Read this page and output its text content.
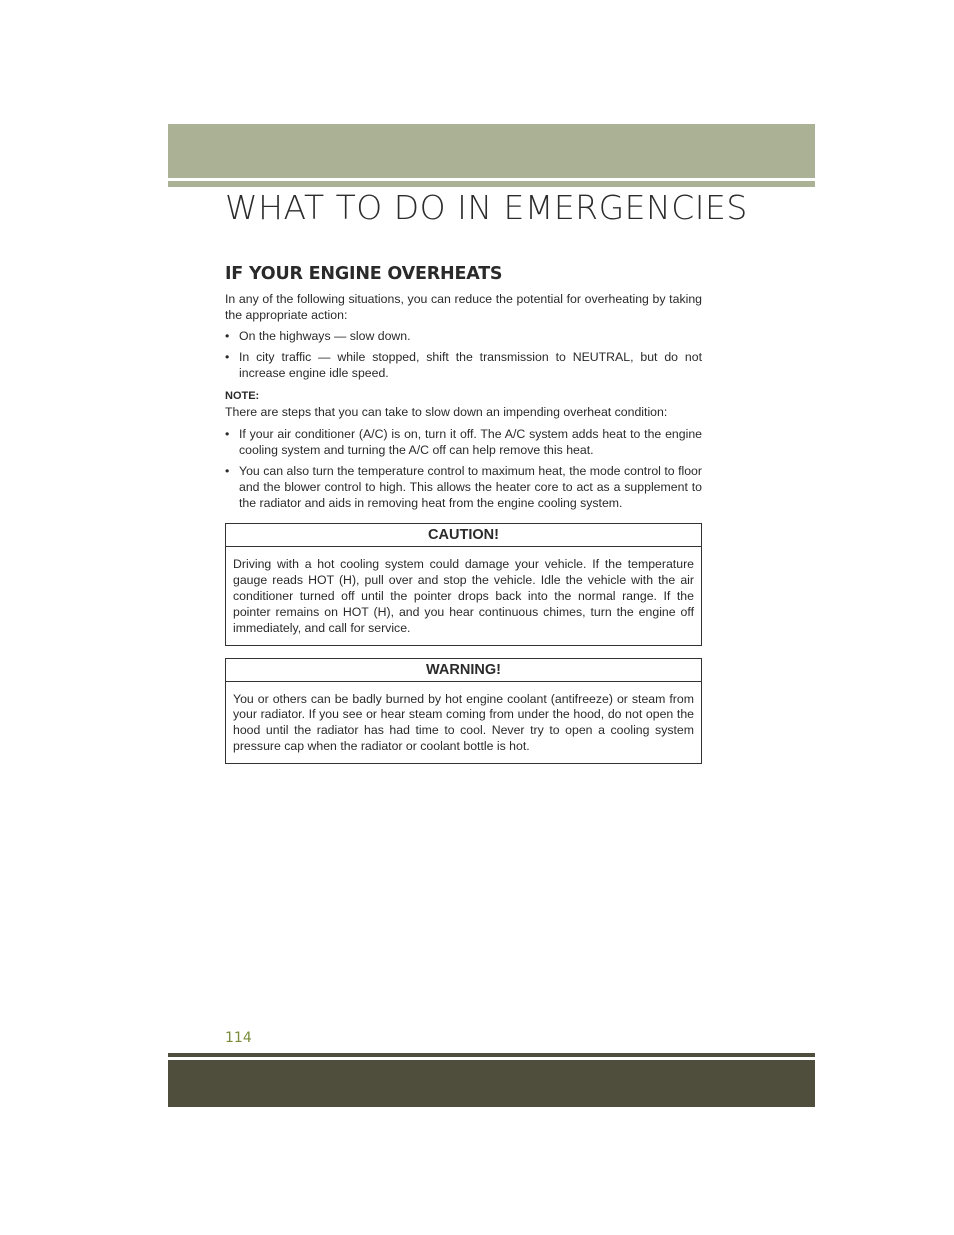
WHAT TO DO IN EMERGENCIES
IF YOUR ENGINE OVERHEATS

In any of the following situations, you can reduce the potential for overheating by taking the appropriate action:

• On the highways — slow down.
• In city traffic — while stopped, shift the transmission to NEUTRAL, but do not increase engine idle speed.

NOTE:

There are steps that you can take to slow down an impending overheat condition:

• If your air conditioner (A/C) is on, turn it off. The A/C system adds heat to the engine cooling system and turning the A/C off can help remove this heat.
• You can also turn the temperature control to maximum heat, the mode control to floor and the blower control to high. This allows the heater core to act as a supplement to the radiator and aids in removing heat from the engine cooling system.
CAUTION!
Driving with a hot cooling system could damage your vehicle. If the temperature gauge reads HOT (H), pull over and stop the vehicle. Idle the vehicle with the air conditioner turned off until the pointer drops back into the normal range. If the pointer remains on HOT (H), and you hear continuous chimes, turn the engine off immediately, and call for service.
WARNING!
You or others can be badly burned by hot engine coolant (antifreeze) or steam from your radiator. If you see or hear steam coming from under the hood, do not open the hood until the radiator has had time to cool. Never try to open a cooling system pressure cap when the radiator or coolant bottle is hot.
114
